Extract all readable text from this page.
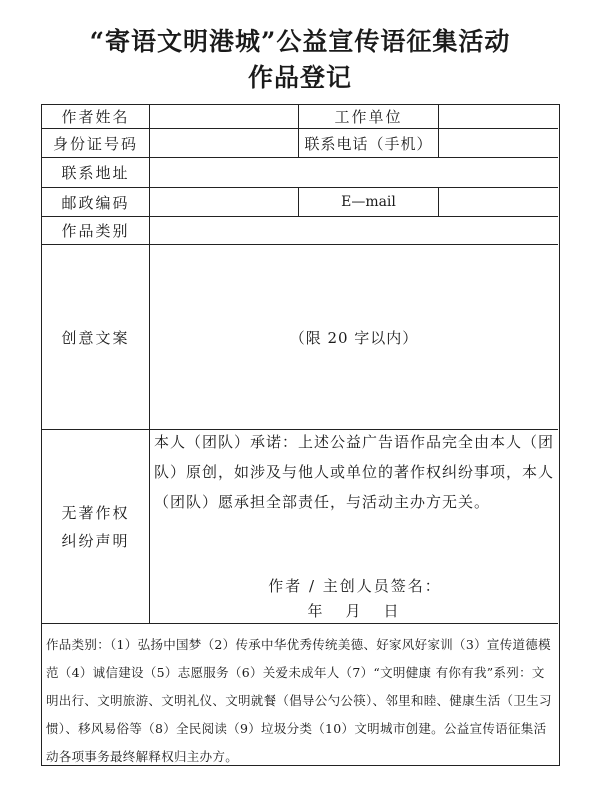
“寄语文明港城”公益宣传语征集活动
作品登记
作者姓名	工作单位
身份证号码	联系电话（手机）
联系地址
邮政编码	E—mail
作品类别
创意文案	（限 20 字以内）
无著作权
纠纷声明
本人（团队）承诺：上述公益广告语作品完全由本人（团队）原创，如涉及与他人或单位的著作权纠纷事项，本人（团队）愿承担全部责任，与活动主办方无关。
作者 / 主创人员签名：
年　月　日
作品类别：（1）弘扬中国梦（2）传承中华优秀传统美德、好家风好家训（3）宣传道德模范（4）诚信建设（5）志愿服务（6）关爱未成年人（7）“文明健康 有你有我”系列：文明出行、文明旅游、文明礼仪、文明就餐（倡导公勺公筷）、邻里和睦、健康生活（卫生习惯）、移风易俗等（8）全民阅读（9）垃圾分类（10）文明城市创建。公益宣传语征集活动各项事务最终解释权归主办方。
